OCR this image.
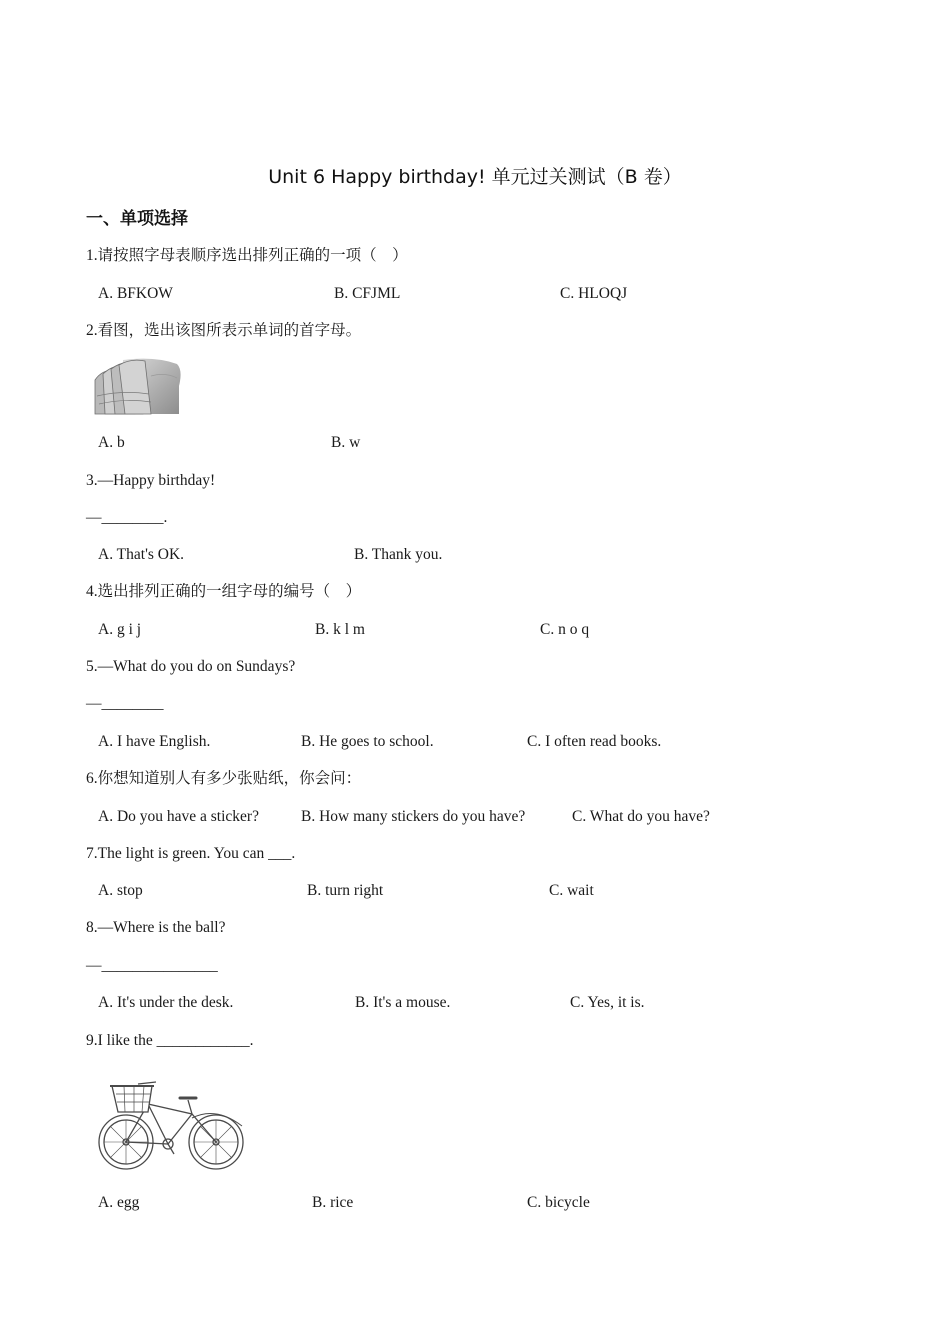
Unit 6 Happy birthday! 单元过关测试（B 卷）
一、单项选择
1.请按照字母表顺序选出排列正确的一项（　）
A. BFKOW	B. CFJML	C. HLOQJ
2.看图，选出该图所表示单词的首字母。
A. b	B. w
3.—Happy birthday!
—________.
A. That's OK.	B. Thank you.
4.选出排列正确的一组字母的编号（　）
A. g i j	B. k l m	C. n o q
5.—What do you do on Sundays?
—________
A. I have English.	B. He goes to school.	C. I often read books.
6.你想知道别人有多少张贴纸，你会问：
A. Do you have a sticker?	B. How many stickers do you have?	C. What do you have?
7.The light is green. You can ___.
A. stop	B. turn right	C. wait
8.—Where is the ball?
—_______________
A. It's under the desk.	B. It's a mouse.	C. Yes, it is.
9.I like the ____________.
A. egg	B. rice	C. bicycle
